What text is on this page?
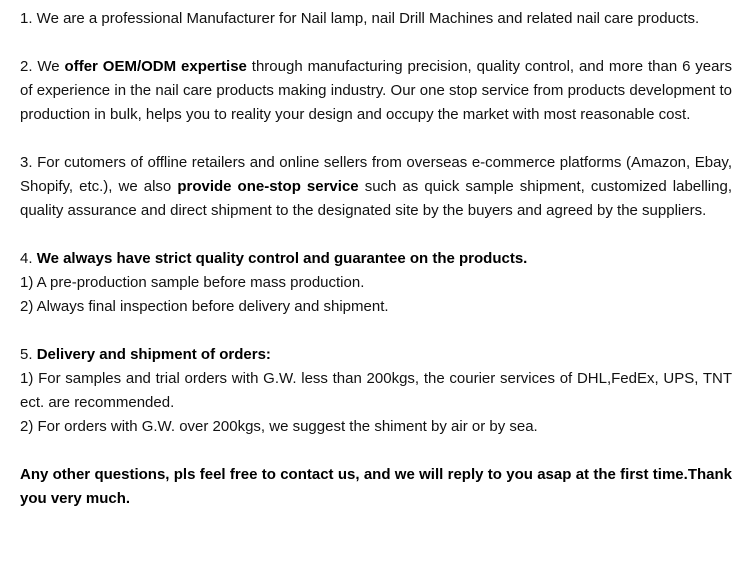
1. We are a professional Manufacturer for Nail lamp, nail Drill Machines and related nail care products.

2. We offer OEM/ODM expertise through manufacturing precision, quality control, and more than 6 years of experience in the nail care products making industry. Our one stop service from products development to production in bulk, helps you to reality your design and occupy the market with most reasonable cost.

3. For cutomers of offline retailers and online sellers from overseas e-commerce platforms (Amazon, Ebay, Shopify, etc.), we also provide one-stop service such as quick sample shipment, customized labelling, quality assurance and direct shipment to the designated site by the buyers and agreed by the suppliers.

4. We always have strict quality control and guarantee on the products.

1) A pre-production sample before mass production.

2) Always final inspection before delivery and shipment.

5. Delivery and shipment of orders:

1) For samples and trial orders with G.W. less than 200kgs, the courier services of DHL,FedEx, UPS, TNT ect. are recommended.

2) For orders with G.W. over 200kgs, we suggest the shiment by air or by sea.

Any other questions, pls feel free to contact us, and we will reply to you asap at the first time.Thank you very much.
